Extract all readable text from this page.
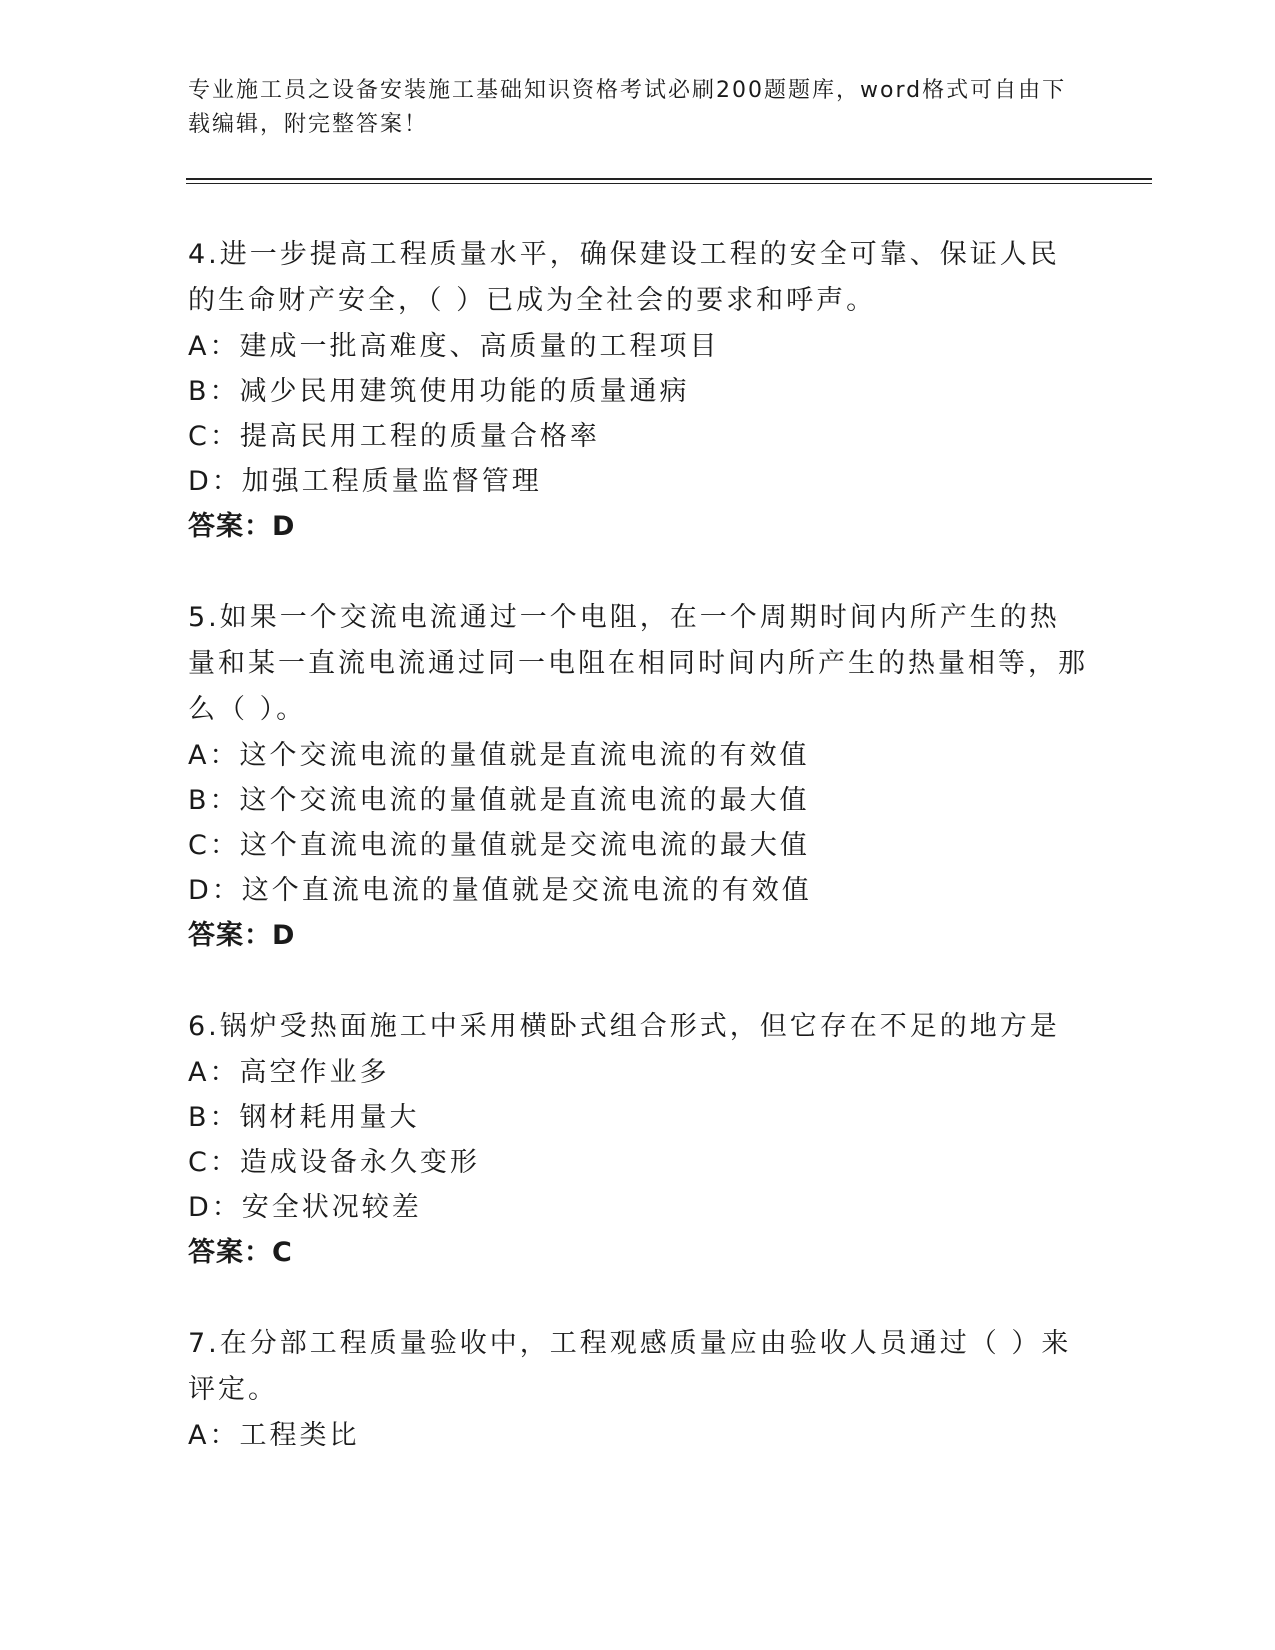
专业施工员之设备安装施工基础知识资格考试必刷200题题库，word格式可自由下载编辑，附完整答案！

4.进一步提高工程质量水平，确保建设工程的安全可靠、保证人民的生命财产安全，（ ）已成为全社会的要求和呼声。

A：建成一批高难度、高质量的工程项目

B：减少民用建筑使用功能的质量通病

C：提高民用工程的质量合格率

D：加强工程质量监督管理

答案：D

5.如果一个交流电流通过一个电阻，在一个周期时间内所产生的热量和某一直流电流通过同一电阻在相同时间内所产生的热量相等，那么（ ）。

A：这个交流电流的量值就是直流电流的有效值

B：这个交流电流的量值就是直流电流的最大值

C：这个直流电流的量值就是交流电流的最大值

D：这个直流电流的量值就是交流电流的有效值

答案：D

6.锅炉受热面施工中采用横卧式组合形式，但它存在不足的地方是

A：高空作业多

B：钢材耗用量大

C：造成设备永久变形

D：安全状况较差

答案：C

7.在分部工程质量验收中，工程观感质量应由验收人员通过（ ）来评定。

A：工程类比
